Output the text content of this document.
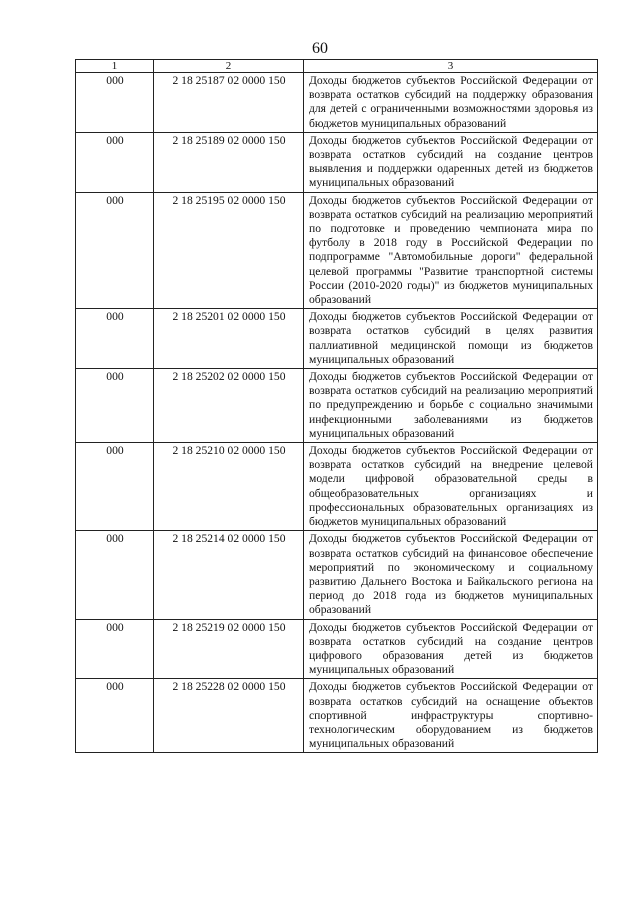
60
1	2	3
000	2 18 25187 02 0000 150	Доходы бюджетов субъектов Российской Федерации от возврата остатков субсидий на поддержку образования для детей с ограниченными возможностями здоровья из бюджетов муниципальных образований
000	2 18 25189 02 0000 150	Доходы бюджетов субъектов Российской Федерации от возврата остатков субсидий на создание центров выявления и поддержки одаренных детей из бюджетов муниципальных образований
000	2 18 25195 02 0000 150	Доходы бюджетов субъектов Российской Федерации от возврата остатков субсидий на реализацию мероприятий по подготовке и проведению чемпионата мира по футболу в 2018 году в Российской Федерации по подпрограмме "Автомобильные дороги" федеральной целевой программы "Развитие транспортной системы России (2010-2020 годы)" из бюджетов муниципальных образований
000	2 18 25201 02 0000 150	Доходы бюджетов субъектов Российской Федерации от возврата остатков субсидий в целях развития паллиативной медицинской помощи из бюджетов муниципальных образований
000	2 18 25202 02 0000 150	Доходы бюджетов субъектов Российской Федерации от возврата остатков субсидий на реализацию мероприятий по предупреждению и борьбе с социально значимыми инфекционными заболеваниями из бюджетов муниципальных образований
000	2 18 25210 02 0000 150	Доходы бюджетов субъектов Российской Федерации от возврата остатков субсидий на внедрение целевой модели цифровой образовательной среды в общеобразовательных организациях и профессиональных образовательных организациях из бюджетов муниципальных образований
000	2 18 25214 02 0000 150	Доходы бюджетов субъектов Российской Федерации от возврата остатков субсидий на финансовое обеспечение мероприятий по экономическому и социальному развитию Дальнего Востока и Байкальского региона на период до 2018 года из бюджетов муниципальных образований
000	2 18 25219 02 0000 150	Доходы бюджетов субъектов Российской Федерации от возврата остатков субсидий на создание центров цифрового образования детей из бюджетов муниципальных образований
000	2 18 25228 02 0000 150	Доходы бюджетов субъектов Российской Федерации от возврата остатков субсидий на оснащение объектов спортивной инфраструктуры спортивно-технологическим оборудованием из бюджетов муниципальных образований
